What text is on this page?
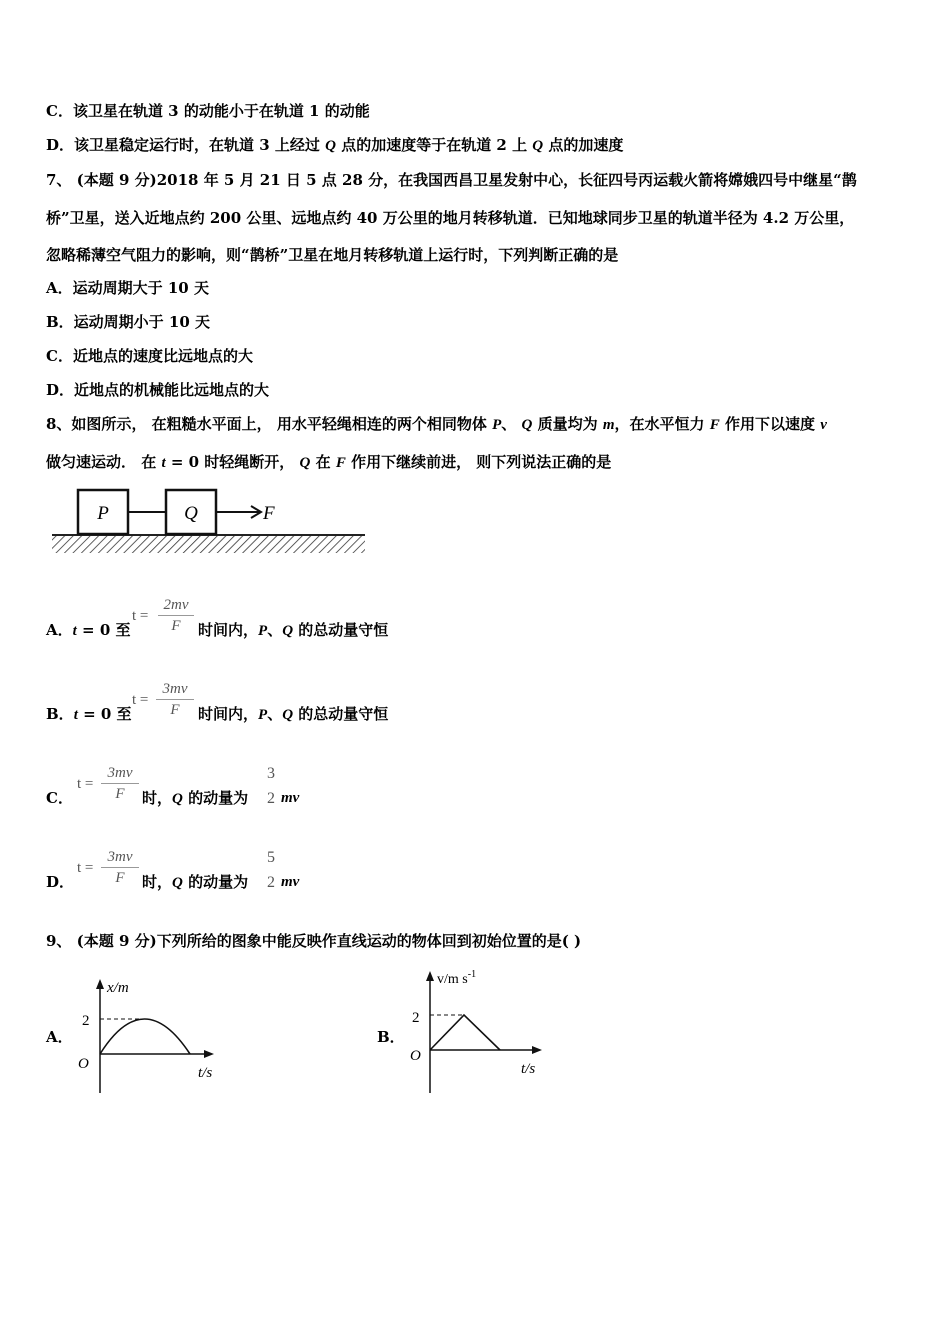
C．该卫星在轨道 3 的动能小于在轨道 1 的动能
D．该卫星稳定运行时，在轨道 3 上经过 Q 点的加速度等于在轨道 2 上 Q 点的加速度
7、 (本题 9 分)2018 年 5 月 21 日 5 点 28 分，在我国西昌卫星发射中心，长征四号丙运载火箭将嫦娥四号中继星“鹊
桥”卫星，送入近地点约 200 公里、远地点约 40 万公里的地月转移轨道．已知地球同步卫星的轨道半径为 4.2 万公里，
忽略稀薄空气阻力的影响，则“鹊桥”卫星在地月转移轨道上运行时，下列判断正确的是
A．运动周期大于 10 天
B．运动周期小于 10 天
C．近地点的速度比远地点的大
D．近地点的机械能比远地点的大
8、如图所示， 在粗糙水平面上， 用水平轻绳相连的两个相同物体 P、 Q 质量均为 m，在水平恒力 F 作用下以速度 v
做匀速运动． 在 t = 0 时轻绳断开， Q 在 F 作用下继续前进， 则下列说法正确的是
P	Q	F
A．t = 0 至
t =
2mv
F	时间内，P、Q 的总动量守恒
B．t = 0 至
t =
3mv
F	时间内，P、Q 的总动量守恒
C．
t =
3mv
F	时，Q 的动量为
3
2 mv
D．
t =
3mv
F	时，Q 的动量为
5
2 mv
9、 (本题 9 分)下列所给的图象中能反映作直线运动的物体回到初始位置的是( )
A．
x/m
2
O
t/s
B．
v/m $s^{-1}$
2
O
t/s
